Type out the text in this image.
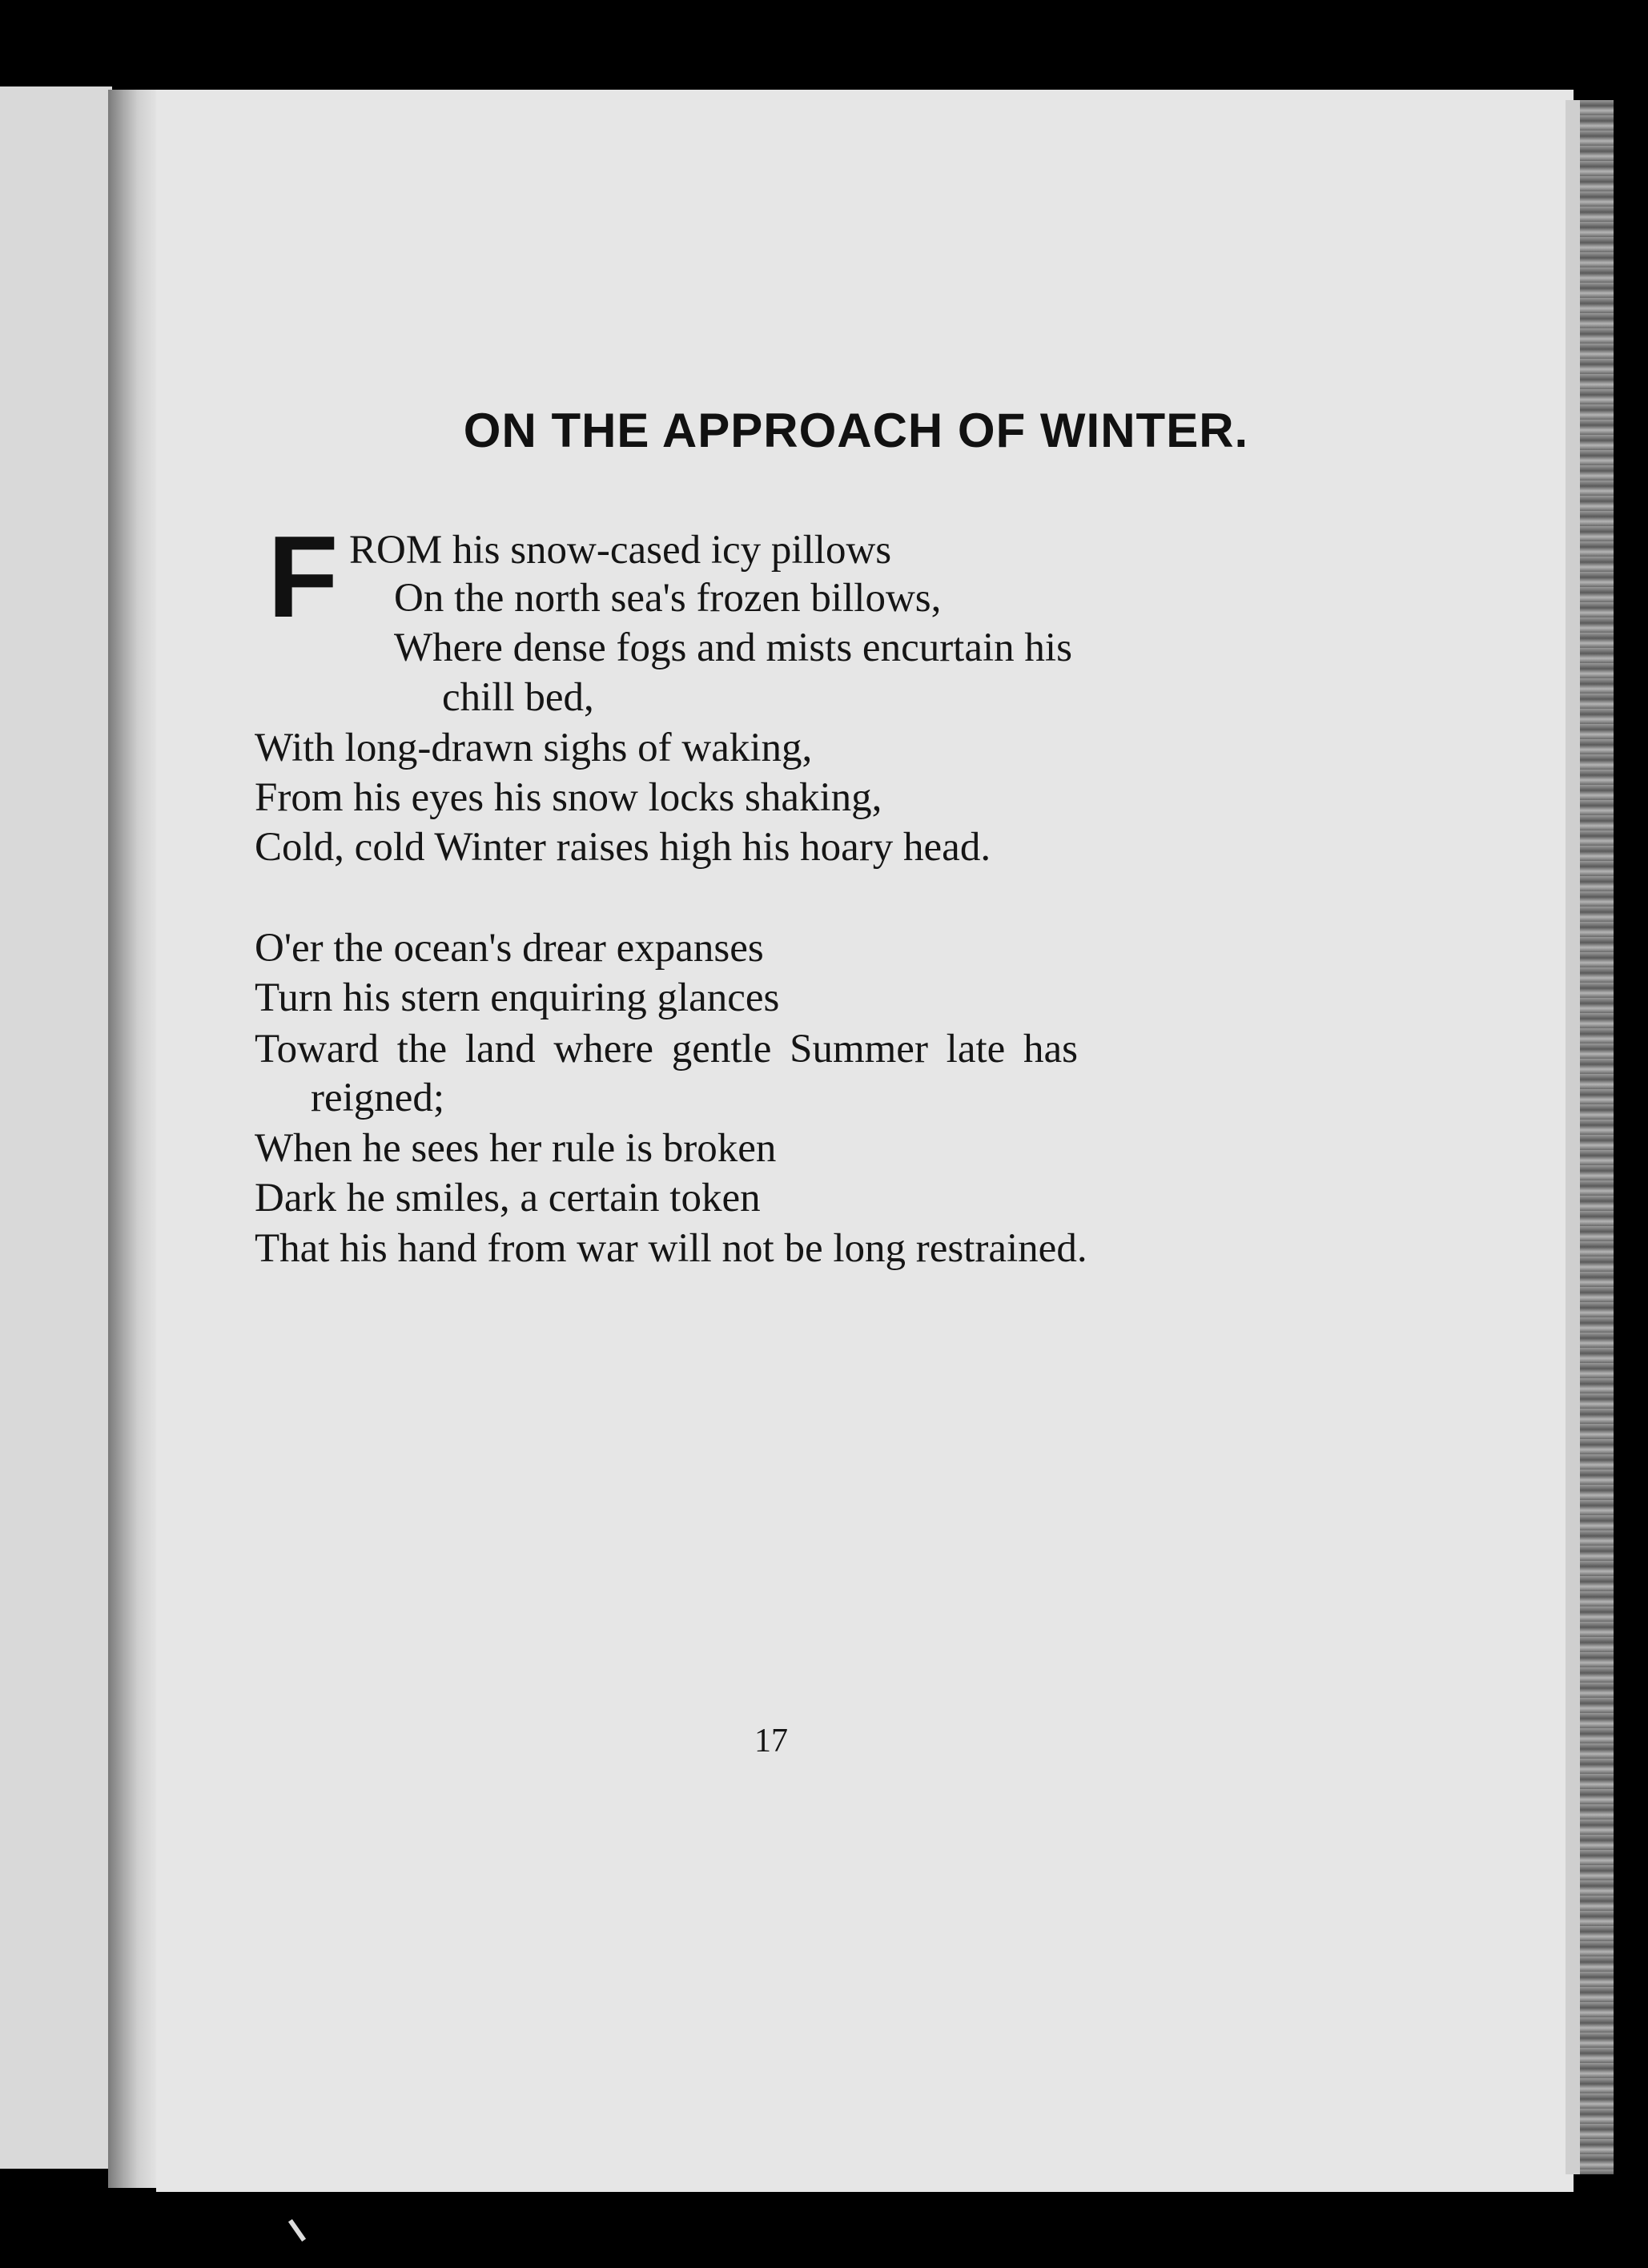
ON THE APPROACH OF WINTER.
F ROM his snow-cased icy pillows
On the north sea's frozen billows,
Where dense fogs and mists encurtain his
chill bed,
With long-drawn sighs of waking,
From his eyes his snow locks shaking,
Cold, cold Winter raises high his hoary head.
O'er the ocean's drear expanses
Turn his stern enquiring glances
Toward the land where gentle Summer late has
reigned;
When he sees her rule is broken
Dark he smiles, a certain token
That his hand from war will not be long restrained.
17
